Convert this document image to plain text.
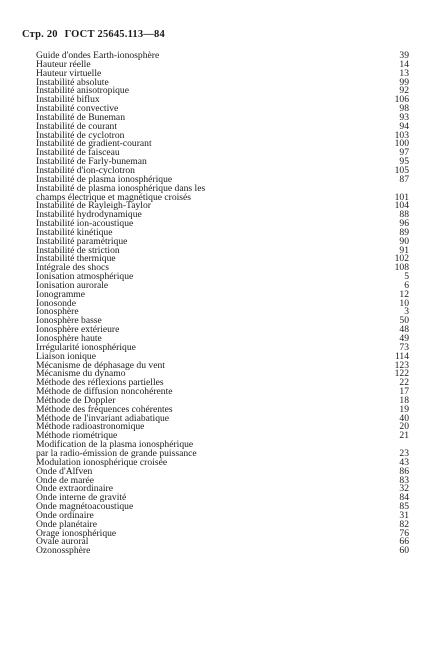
Стр. 20 ГОСТ 25645.113—84
Guide d'ondes Earth-ionosphère	39
Hauteur réelle	14
Hauteur virtuelle	13
Instabilité absolute	99
Instabilité anisotropique	92
Instabilité biflux	106
Instabilité convective	98
Instabilité de Buneman	93
Instabilité de courant	94
Instabilité de cyclotron	103
Instabilité de gradient-courant	100
Instabilité de faisceau	97
Instabilité de Farly-buneman	95
Instabilité d'ion-cyclotron	105
Instabilité de plasma ionosphérique	87
Instabilité de plasma ionosphérique dans les
champs électrique et magnétique croisés	101
Instabilité de Rayleigh-Taylor	104
Instabilité hydrodynamique	88
Instabilité ion-acoustique	96
Instabilité kinétique	89
Instabilité paramétrique	90
Instabilité de striction	91
Instabilité thermique	102
Intégrale des shocs	108
Ionisation atmosphérique	5
Ionisation aurorale	6
Ionogramme	12
Ionosonde	10
Ionosphère	3
Ionosphère basse	50
Ionosphère extérieure	48
Ionosphère haute	49
Irrégularité ionosphérique	73
Liaison ionique	114
Mécanisme de déphasage du vent	123
Mécanisme du dynamo	122
Méthode des réflexions partielles	22
Méthode de diffusion noncohérente	17
Méthode de Doppler	18
Méthode des fréquences cohérentes	19
Méthode de l'invariant adiabatique	40
Méthode radioastronomique	20
Méthode riométrique	21
Modification de la plasma ionosphérique
par la radio-émission de grande puissance	23
Modulation ionosphérique croisée	43
Onde d'Alfven	86
Onde de marée	83
Onde extraordinaire	32
Onde interne de gravité	84
Onde magnétoacoustique	85
Onde ordinaire	31
Onde planétaire	82
Orage ionosphérique	76
Ovale auroral	66
Ozonossphère	60
